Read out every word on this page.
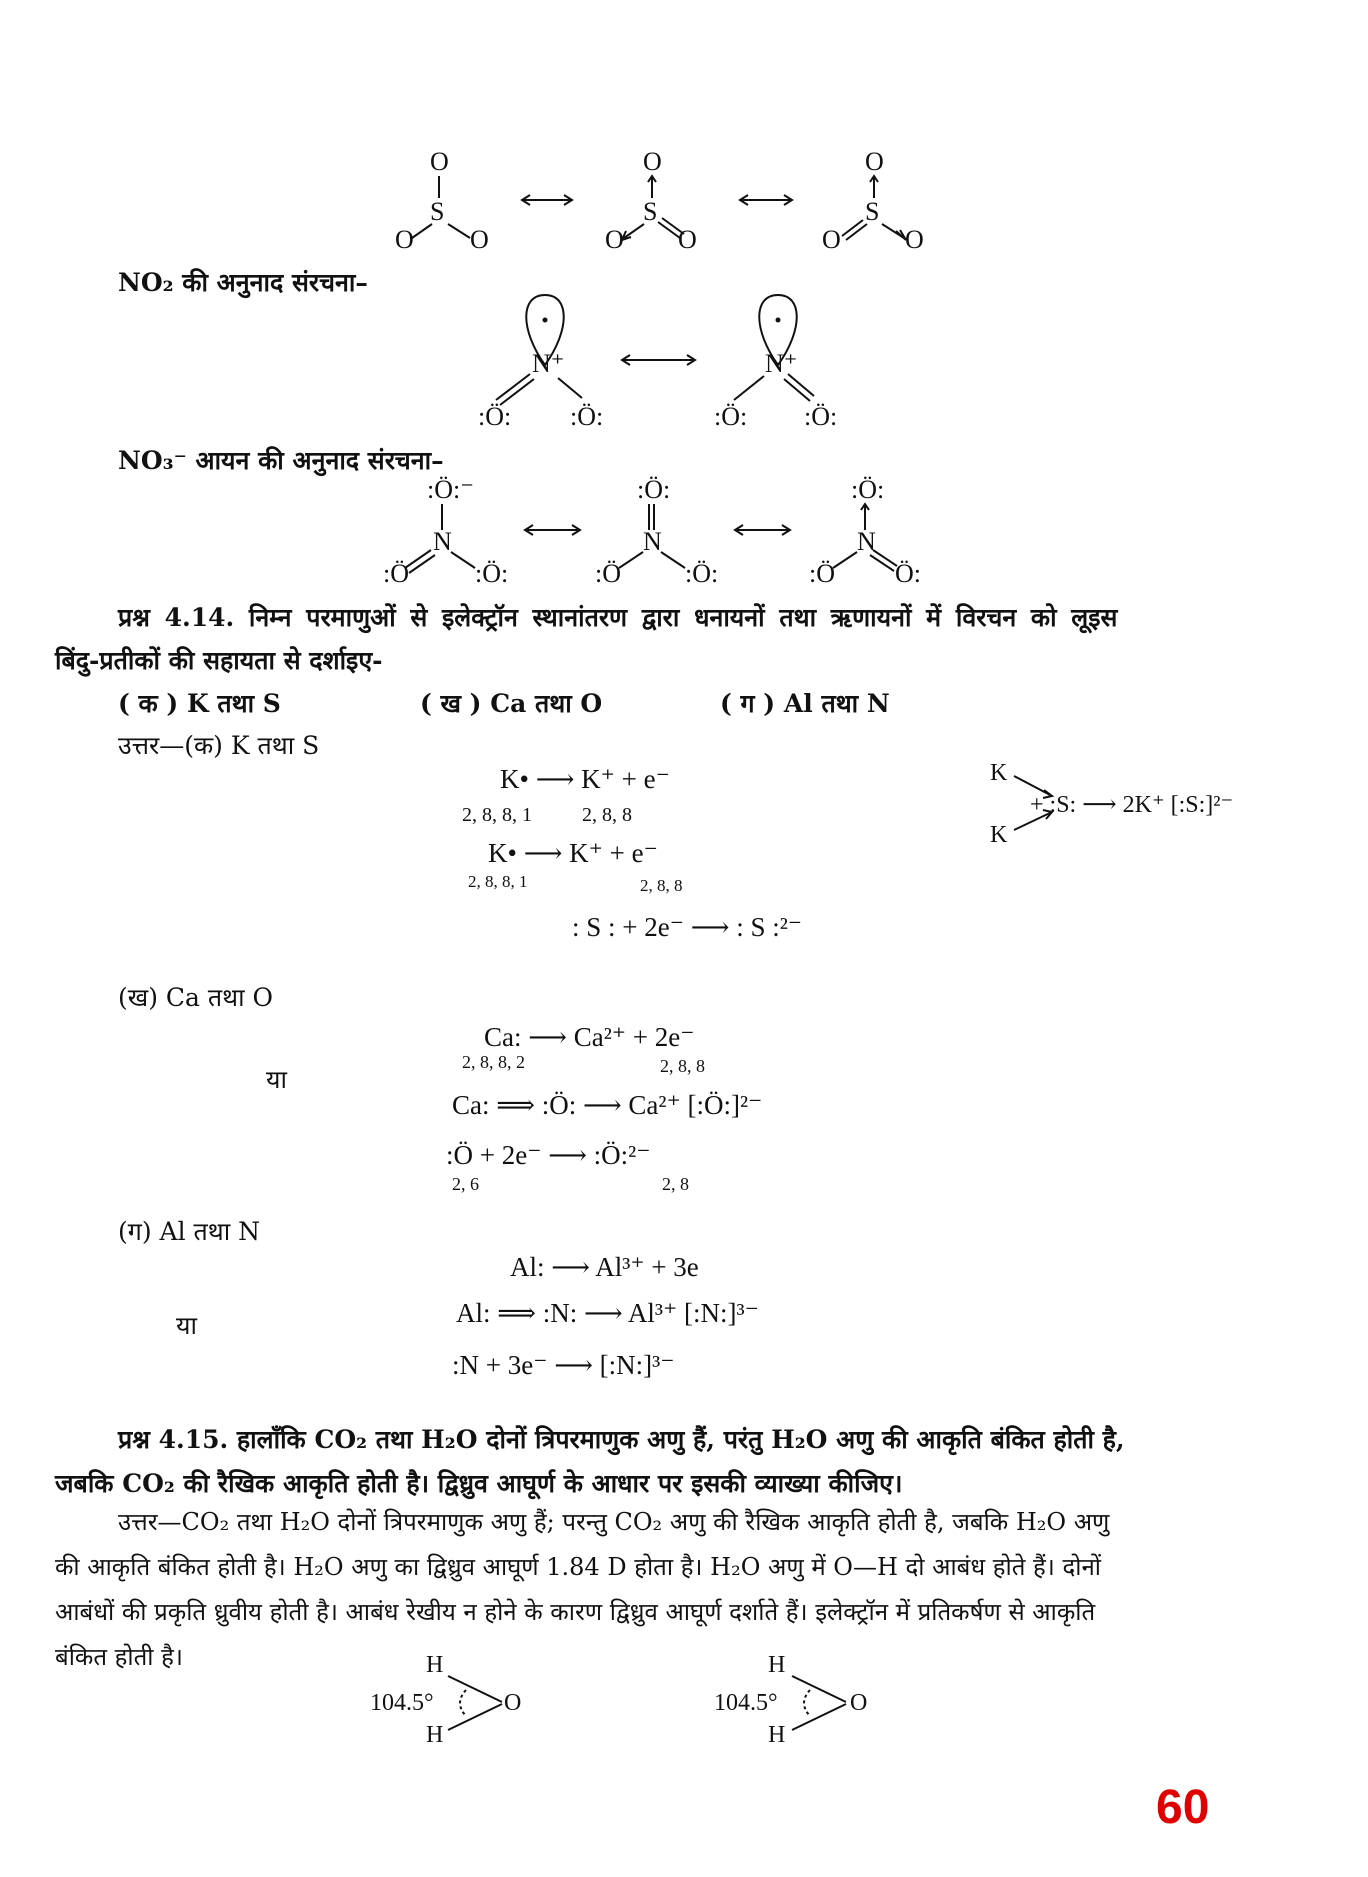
O
S
O O
O
S
O O
O
S
O O
NO₂ की अनुनाद संरचना–
N⁺
:Ö: :Ö:
N⁺
:Ö: :Ö:
NO₃⁻ आयन की अनुनाद संरचना–
:Ö:⁻
N
:Ö	:Ö:
:Ö:
N
:Ö :Ö:
:Ö:
N
:Ö Ö:
प्रश्न 4.14. निम्न परमाणुओं से इलेक्ट्रॉन स्थानांतरण द्वारा धनायनों तथा ऋणायनों में विरचन को लूइस
बिंदु-प्रतीकों की सहायता से दर्शाइए-
( क ) K तथा S	( ख ) Ca तथा O	( ग ) Al तथा N
उत्तर—(क) K तथा S
K• ⟶ K⁺ + e⁻
2, 8, 8, 1          2, 8, 8
K• ⟶ K⁺ + e⁻
2, 8, 8, 1	2, 8, 8
: S : + 2e⁻ ⟶ : S :²⁻
K
K
+ :S: ⟶ 2K⁺ [:S:]²⁻
(ख) Ca तथा O
Ca: ⟶ Ca²⁺ + 2e⁻
2, 8, 8, 2	2, 8, 8
या
Ca: ⟹ :Ö: ⟶ Ca²⁺ [:Ö:]²⁻
:Ö + 2e⁻ ⟶ :Ö:²⁻
2, 6	2, 8
(ग) Al तथा N
Al: ⟶ Al³⁺ + 3e
या	Al: ⟹ :N: ⟶ Al³⁺ [:N:]³⁻
:N + 3e⁻ ⟶ [:N:]³⁻
प्रश्न 4.15. हालाँकि CO₂ तथा H₂O दोनों त्रिपरमाणुक अणु हैं, परंतु H₂O अणु की आकृति बंकित होती है,
जबकि CO₂ की रैखिक आकृति होती है। द्विध्रुव आघूर्ण के आधार पर इसकी व्याख्या कीजिए।
उत्तर—CO₂ तथा H₂O दोनों त्रिपरमाणुक अणु हैं; परन्तु CO₂ अणु की रैखिक आकृति होती है, जबकि H₂O अणु
की आकृति बंकित होती है। H₂O अणु का द्विध्रुव आघूर्ण 1.84 D होता है। H₂O अणु में O—H दो आबंध होते हैं। दोनों
आबंधों की प्रकृति ध्रुवीय होती है। आबंध रेखीय न होने के कारण द्विध्रुव आघूर्ण दर्शाते हैं। इलेक्ट्रॉन में प्रतिकर्षण से आकृति
बंकित होती है।
104.5°
H
H
O	104.5°
H
H
O
60
